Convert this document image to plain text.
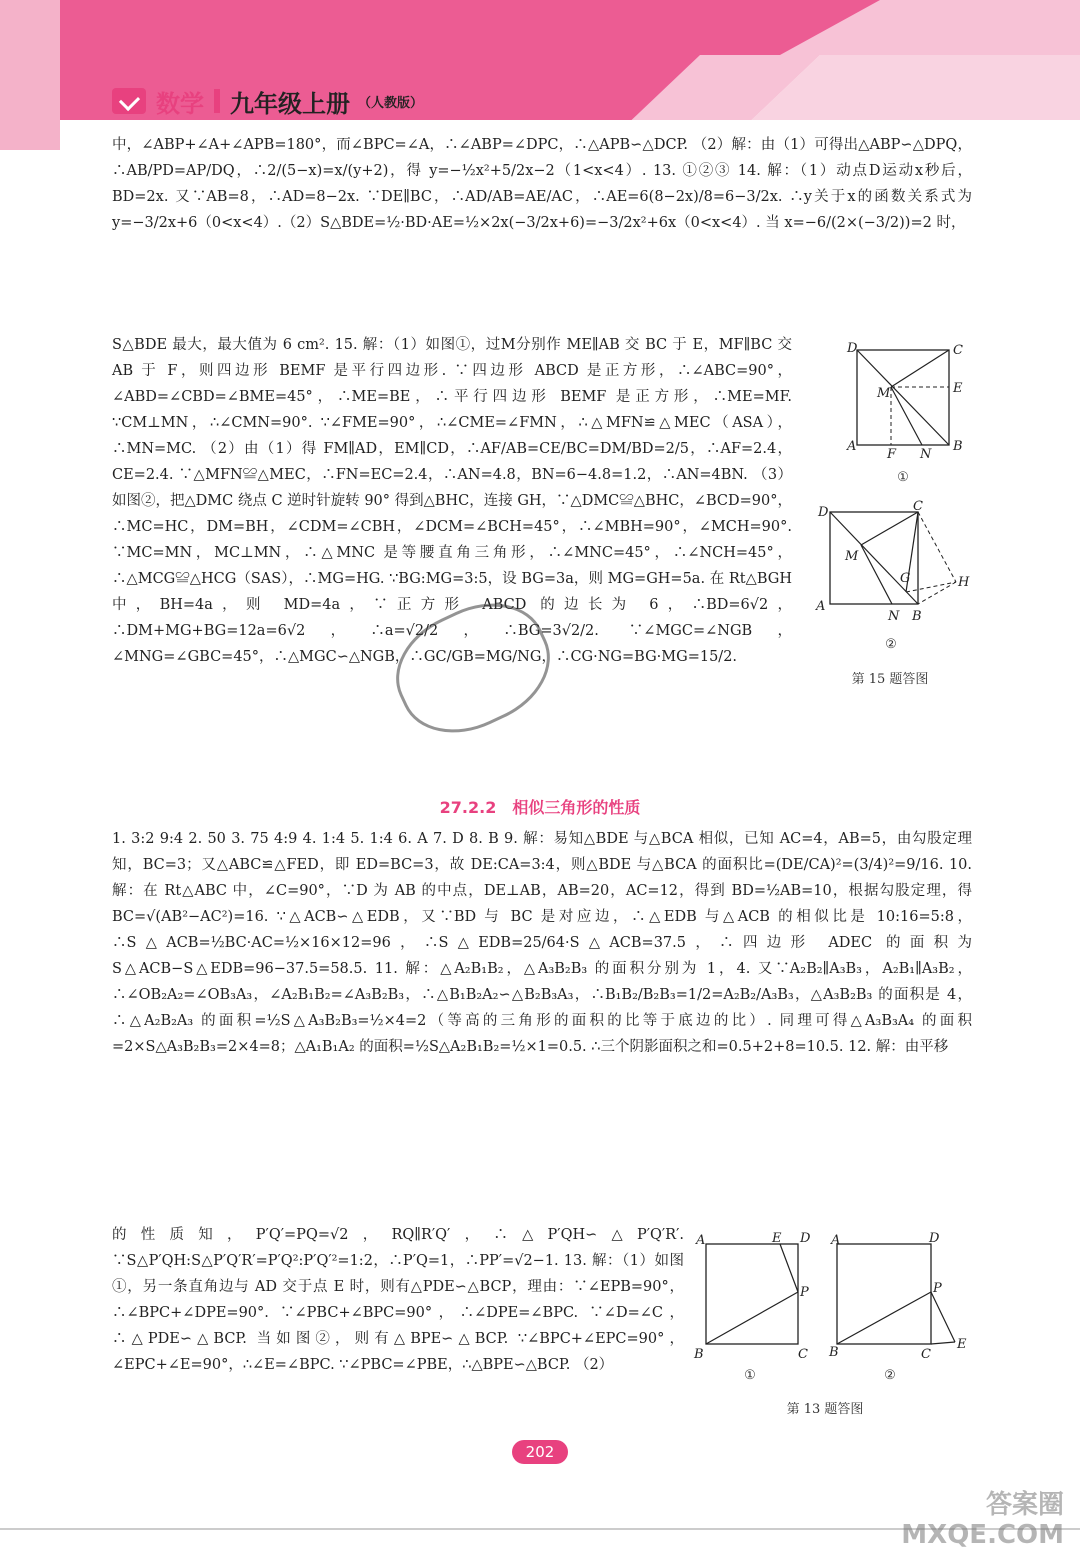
数学 九年级上册 （人教版）
中，∠ABP+∠A+∠APB=180°，而∠BPC=∠A，∴∠ABP=∠DPC，∴△APB∽△DCP. （2）解：由（1）可得出△ABP∽△DPQ，∴AB/PD=AP/DQ，∴2/(5−x)=x/(y+2)，得 y=−½x²+5/2x−2（1<x<4）. 13. ①②③ 14. 解：（1）动点D运动x秒后，BD=2x. 又∵AB=8，∴AD=8−2x. ∵DE∥BC，∴AD/AB=AE/AC，∴AE=6(8−2x)/8=6−3/2x. ∴y关于x的函数关系式为 y=−3/2x+6（0<x<4）.（2）S△BDE=½·BD·AE=½×2x(−3/2x+6)=−3/2x²+6x（0<x<4）. 当 x=−6/(2×(−3/2))=2 时，
S△BDE 最大，最大值为 6 cm². 15. 解：（1）如图①，过M分别作 ME∥AB 交 BC 于 E，MF∥BC 交 AB 于 F，则四边形 BEMF 是平行四边形. ∵四边形 ABCD 是正方形，∴∠ABC=90°，∠ABD=∠CBD=∠BME=45°，∴ME=BE，∴平行四边形 BEMF 是正方形，∴ME=MF. ∵CM⊥MN，∴∠CMN=90°. ∵∠FME=90°，∴∠CME=∠FMN，∴△MFN≌△MEC（ASA），∴MN=MC. （2）由（1）得 FM∥AD，EM∥CD，∴AF/AB=CE/BC=DM/BD=2/5，∴AF=2.4，CE=2.4. ∵△MFN≌△MEC，∴FN=EC=2.4，∴AN=4.8，BN=6−4.8=1.2，∴AN=4BN. （3）如图②，把△DMC 绕点 C 逆时针旋转 90° 得到△BHC，连接 GH，∵△DMC≌△BHC，∠BCD=90°，∴MC=HC，DM=BH，∠CDM=∠CBH，∠DCM=∠BCH=45°，∴∠MBH=90°，∠MCH=90°. ∵MC=MN，MC⊥MN，∴△MNC 是等腰直角三角形，∴∠MNC=45°，∴∠NCH=45°，∴△MCG≌△HCG（SAS），∴MG=HG. ∵BG:MG=3:5，设 BG=3a，则 MG=GH=5a. 在 Rt△BGH 中，BH=4a，则 MD=4a，∵正方形 ABCD 的边长为 6，∴BD=6√2，∴DM+MG+BG=12a=6√2，∴a=√2/2，∴BG=3√2/2. ∵∠MGC=∠NGB，∠MNG=∠GBC=45°，∴△MGC∽△NGB，∴GC/GB=MG/NG，∴CG·NG=BG·MG=15/2.
D	C
A	B
M	E
F N
①
D	C
A
B
M
G	H
N
②
第 15 题答图
27.2.2　相似三角形的性质
1. 3:2 9:4 2. 50 3. 75 4:9 4. 1:4 5. 1:4 6. A 7. D 8. B 9. 解：易知△BDE 与△BCA 相似，已知 AC=4，AB=5，由勾股定理知，BC=3；又△ABC≌△FED，即 ED=BC=3，故 DE:CA=3:4，则△BDE 与△BCA 的面积比=(DE/CA)²=(3/4)²=9/16. 10. 解：在 Rt△ABC 中，∠C=90°，∵D 为 AB 的中点，DE⊥AB，AB=20，AC=12，得到 BD=½AB=10，根据勾股定理，得 BC=√(AB²−AC²)=16. ∵△ACB∽△EDB，又∵BD 与 BC 是对应边，∴△EDB 与△ACB 的相似比是 10:16=5:8，∴S△ACB=½BC·AC=½×16×12=96，∴S△EDB=25/64·S△ACB=37.5，∴四边形 ADEC 的面积为 S△ACB−S△EDB=96−37.5=58.5. 11. 解：△A₂B₁B₂，△A₃B₂B₃ 的面积分别为 1，4. 又∵A₂B₂∥A₃B₃，A₂B₁∥A₃B₂，∴∠OB₂A₂=∠OB₃A₃，∠A₂B₁B₂=∠A₃B₂B₃，∴△B₁B₂A₂∽△B₂B₃A₃，∴B₁B₂/B₂B₃=1/2=A₂B₂/A₃B₃，△A₃B₂B₃ 的面积是 4，∴△A₂B₂A₃ 的面积=½S△A₃B₂B₃=½×4=2（等高的三角形的面积的比等于底边的比）. 同理可得△A₃B₃A₄ 的面积=2×S△A₃B₂B₃=2×4=8；△A₁B₁A₂ 的面积=½S△A₂B₁B₂=½×1=0.5. ∴三个阴影面积之和=0.5+2+8=10.5. 12. 解：由平移
的性质知，P′Q′=PQ=√2，RQ∥R′Q′，∴△P′QH∽△P′Q′R′. ∵S△P′QH:S△P′Q′R′=P′Q²:P′Q′²=1:2，∴P′Q=1，∴PP′=√2−1. 13. 解：（1）如图①，另一条直角边与 AD 交于点 E 时，则有△PDE∽△BCP，理由：∵∠EPB=90°，∴∠BPC+∠DPE=90°. ∵∠PBC+∠BPC=90°，∴∠DPE=∠BPC. ∵∠D=∠C，∴△PDE∽△BCP. 当如图②，则有△BPE∽△BCP. ∵∠BPC+∠EPC=90°，∠EPC+∠E=90°，∴∠E=∠BPC. ∵∠PBC=∠PBE，∴△BPE∽△BCP. （2）
A	E D
P
B	C
①
A	D
P
B	C
E
②
第 13 题答图
202
答案圈
MXQE.COM
